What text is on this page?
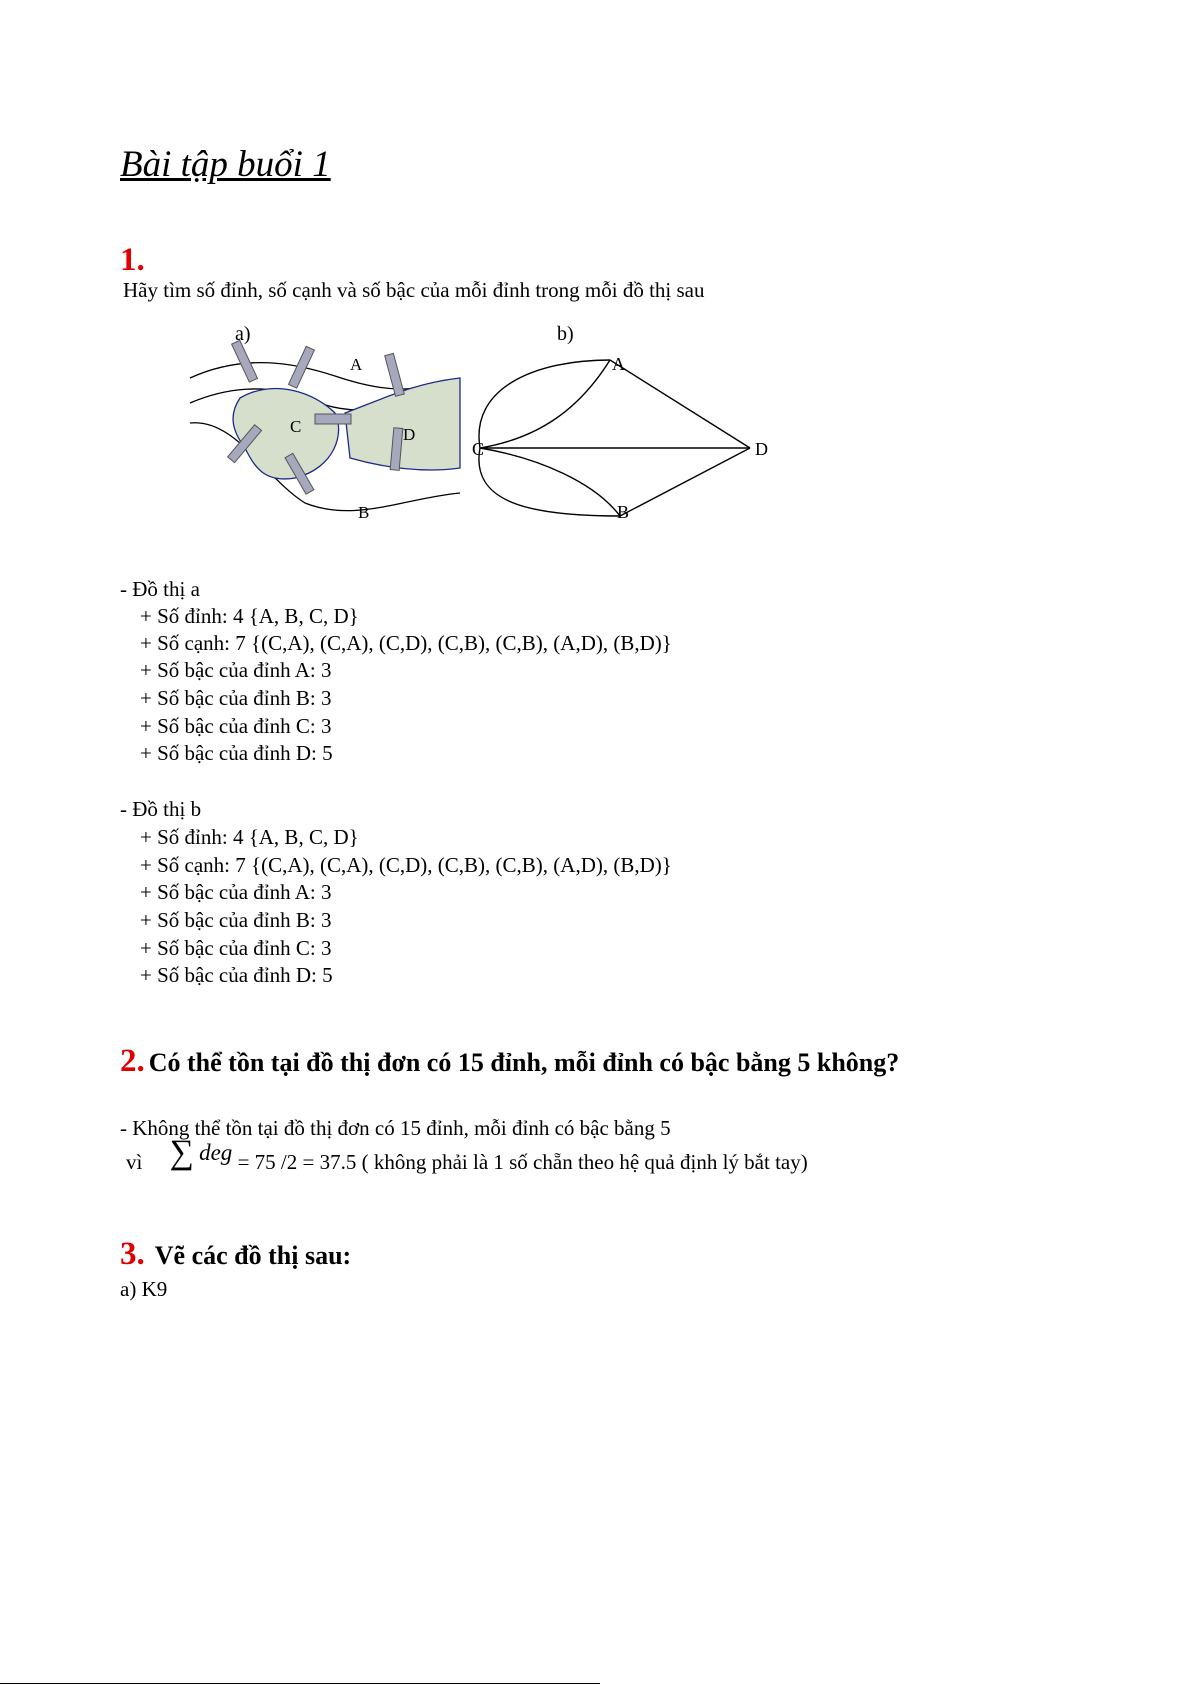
Bài tập buổi 1
1.
Hãy tìm số đỉnh, số cạnh và số bậc của mỗi đỉnh trong mỗi đồ thị sau
a)
A
B
C	D
b)
A
B
C	D
- Đồ thị a
+ Số đỉnh: 4 {A, B, C, D}
+ Số cạnh: 7 {(C,A), (C,A), (C,D), (C,B), (C,B), (A,D), (B,D)}
+ Số bậc của đỉnh A: 3
+ Số bậc của đỉnh B: 3
+ Số bậc của đỉnh C: 3
+ Số bậc của đỉnh D: 5
- Đồ thị b
+ Số đỉnh: 4 {A, B, C, D}
+ Số cạnh: 7 {(C,A), (C,A), (C,D), (C,B), (C,B), (A,D), (B,D)}
+ Số bậc của đỉnh A: 3
+ Số bậc của đỉnh B: 3
+ Số bậc của đỉnh C: 3
+ Số bậc của đỉnh D: 5
2. Có thể tồn tại đồ thị đơn có 15 đỉnh, mỗi đỉnh có bậc bằng 5 không?
- Không thể tồn tại đồ thị đơn có 15 đỉnh, mỗi đỉnh có bậc bằng 5
vì ∑ deg = 75 /2 = 37.5 ( không phải là 1 số chẵn theo hệ quả định lý bắt tay)
3. Vẽ các đồ thị sau:
a) K9
